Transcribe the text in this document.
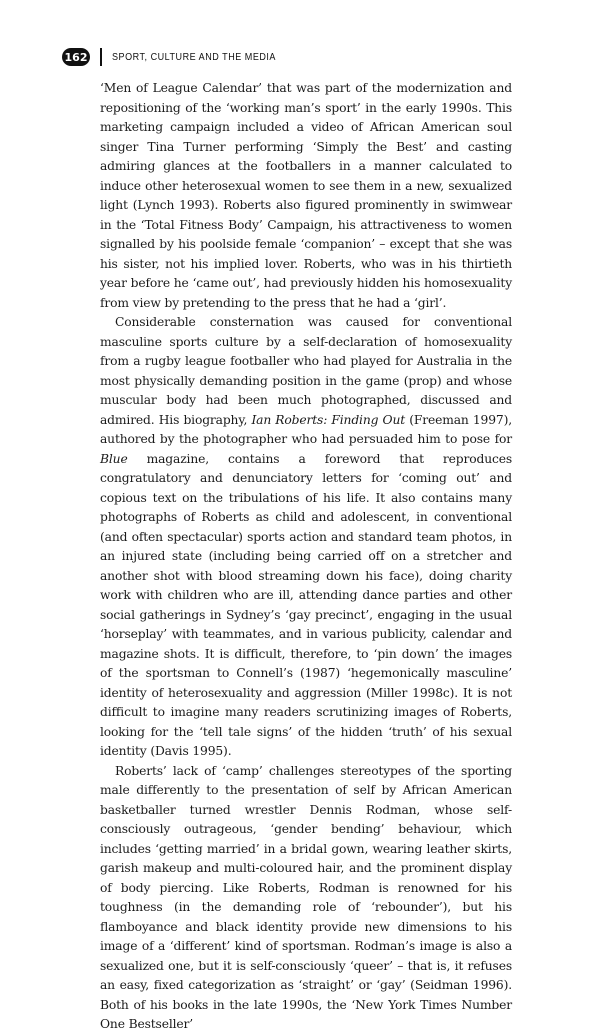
162 SPORT, CULTURE AND THE MEDIA

‘Men of League Calendar’ that was part of the modernization and repositioning of the ‘working man’s sport’ in the early 1990s. This marketing campaign included a video of African American soul singer Tina Turner performing ‘Simply the Best’ and casting admiring glances at the footballers in a manner calculated to induce other heterosexual women to see them in a new, sexualized light (Lynch 1993). Roberts also figured prominently in swimwear in the ‘Total Fitness Body’ Campaign, his attractiveness to women signalled by his poolside female ‘companion’ – except that she was his sister, not his implied lover. Roberts, who was in his thirtieth year before he ‘came out’, had previously hidden his homosexuality from view by pretending to the press that he had a ‘girl’.

Considerable consternation was caused for conventional masculine sports culture by a self-declaration of homosexuality from a rugby league footballer who had played for Australia in the most physically demanding position in the game (prop) and whose muscular body had been much photographed, discussed and admired. His biography, Ian Roberts: Finding Out (Freeman 1997), authored by the photographer who had persuaded him to pose for Blue magazine, contains a foreword that reproduces congratulatory and denunciatory letters for ‘coming out’ and copious text on the tribulations of his life. It also contains many photographs of Roberts as child and adolescent, in conventional (and often spectacular) sports action and standard team photos, in an injured state (including being carried off on a stretcher and another shot with blood streaming down his face), doing charity work with children who are ill, attending dance parties and other social gatherings in Sydney’s ‘gay precinct’, engaging in the usual ‘horseplay’ with teammates, and in various publicity, calendar and magazine shots. It is difficult, therefore, to ‘pin down’ the images of the sportsman to Connell’s (1987) ‘hegemonically masculine’ identity of heterosexuality and aggression (Miller 1998c). It is not difficult to imagine many readers scrutinizing images of Roberts, looking for the ‘tell tale signs’ of the hidden ‘truth’ of his sexual identity (Davis 1995).

Roberts’ lack of ‘camp’ challenges stereotypes of the sporting male differently to the presentation of self by African American basketballer turned wrestler Dennis Rodman, whose self-consciously outrageous, ‘gender bending’ behaviour, which includes ‘getting married’ in a bridal gown, wearing leather skirts, garish makeup and multi-coloured hair, and the prominent display of body piercing. Like Roberts, Rodman is renowned for his toughness (in the demanding role of ‘rebounder’), but his flamboyance and black identity provide new dimensions to his image of a ‘different’ kind of sportsman. Rodman’s image is also a sexualized one, but it is self-consciously ‘queer’ – that is, it refuses an easy, fixed categorization as ‘straight’ or ‘gay’ (Seidman 1996). Both of his books in the late 1990s, the ‘New York Times Number One Bestseller’
